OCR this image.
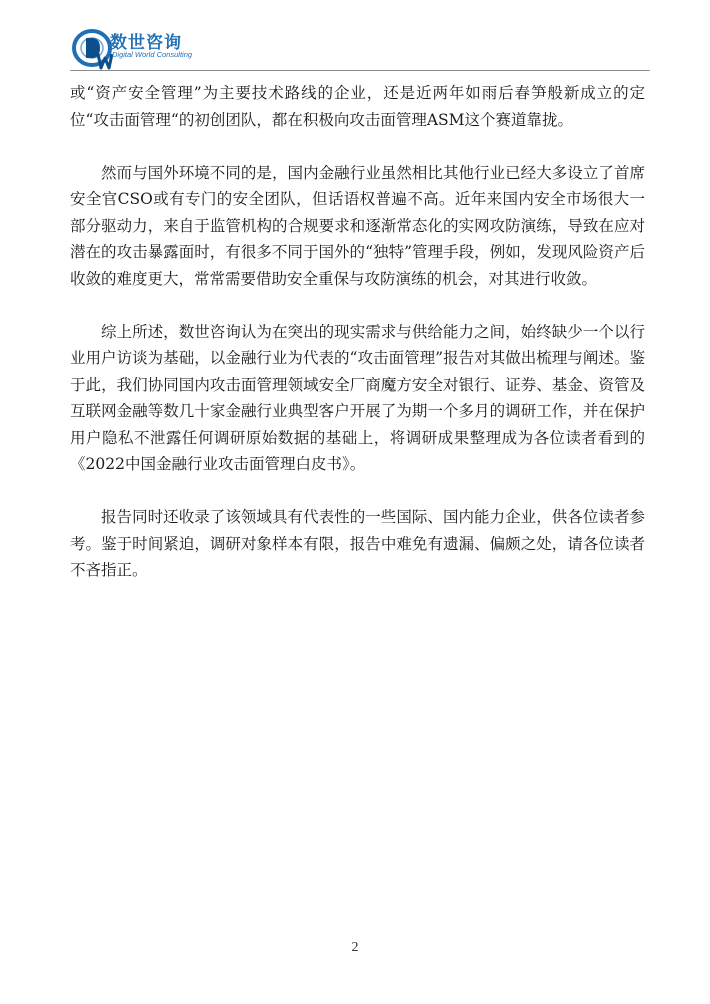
数世咨询
Digital World Consulting

或“资产安全管理”为主要技术路线的企业，还是近两年如雨后春笋般新成立的定位“攻击面管理“的初创团队，都在积极向攻击面管理ASM这个赛道靠拢。

然而与国外环境不同的是，国内金融行业虽然相比其他行业已经大多设立了首席安全官CSO或有专门的安全团队，但话语权普遍不高。近年来国内安全市场很大一部分驱动力，来自于监管机构的合规要求和逐渐常态化的实网攻防演练，导致在应对潜在的攻击暴露面时，有很多不同于国外的“独特”管理手段，例如，发现风险资产后收敛的难度更大，常常需要借助安全重保与攻防演练的机会，对其进行收敛。

综上所述，数世咨询认为在突出的现实需求与供给能力之间，始终缺少一个以行业用户访谈为基础，以金融行业为代表的“攻击面管理”报告对其做出梳理与阐述。鉴于此，我们协同国内攻击面管理领域安全厂商魔方安全对银行、证券、基金、资管及互联网金融等数几十家金融行业典型客户开展了为期一个多月的调研工作，并在保护用户隐私不泄露任何调研原始数据的基础上，将调研成果整理成为各位读者看到的《2022中国金融行业攻击面管理白皮书》。

报告同时还收录了该领域具有代表性的一些国际、国内能力企业，供各位读者参考。鉴于时间紧迫，调研对象样本有限，报告中难免有遗漏、偏颇之处，请各位读者不吝指正。

2
